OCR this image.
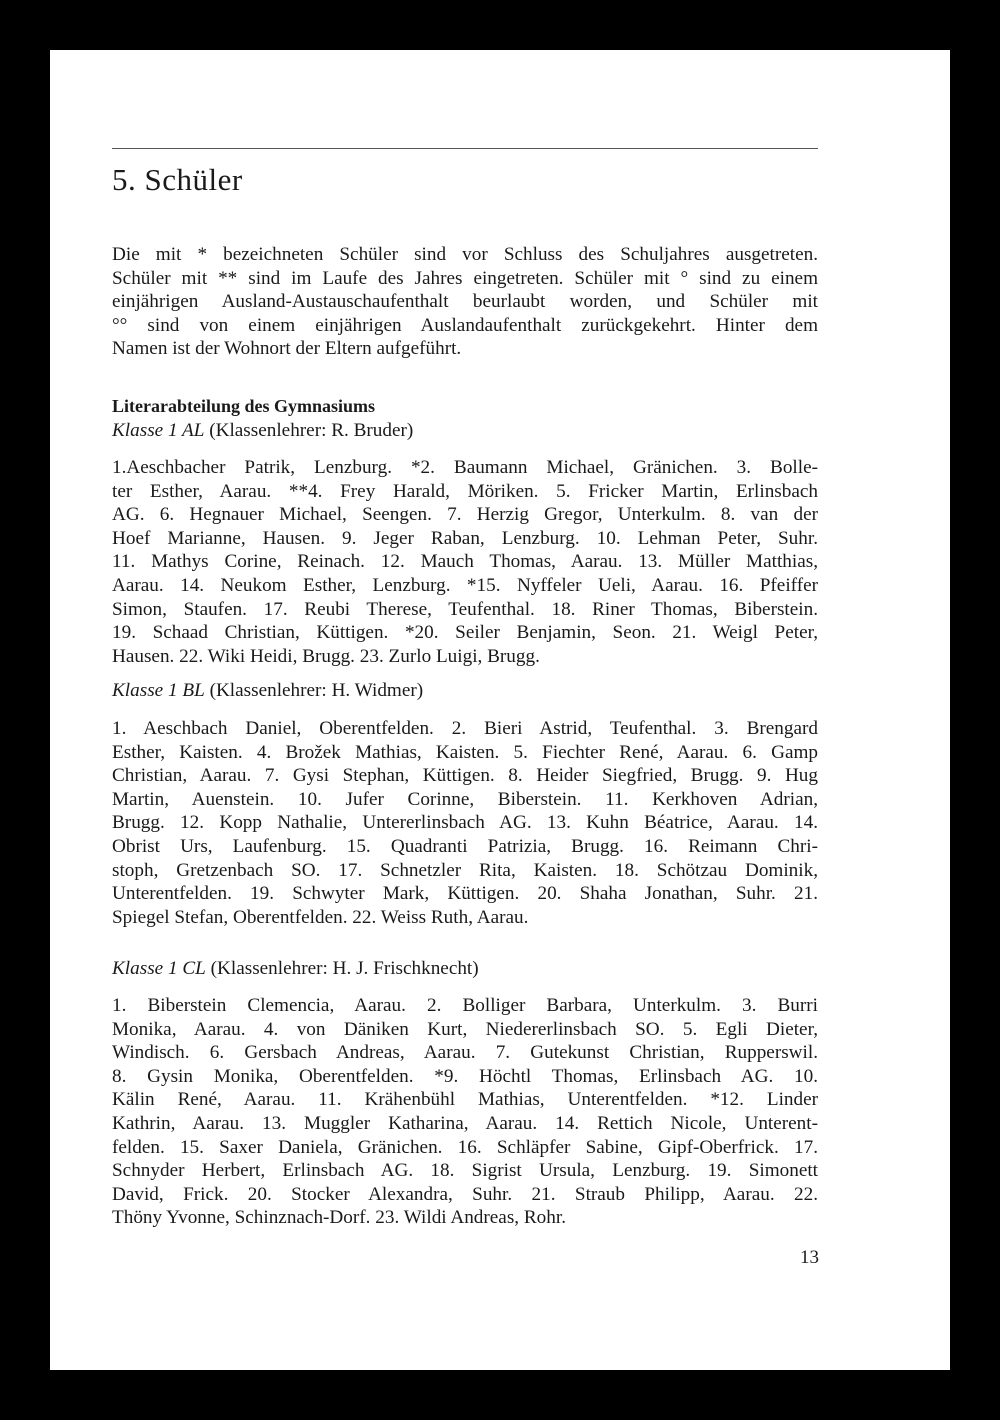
5. Schüler
Die mit * bezeichneten Schüler sind vor Schluss des Schuljahres ausgetreten.
Schüler mit ** sind im Laufe des Jahres eingetreten. Schüler mit ° sind zu einem
einjährigen Ausland-Austauschaufenthalt beurlaubt worden, und Schüler mit
°° sind von einem einjährigen Auslandaufenthalt zurückgekehrt. Hinter dem
Namen ist der Wohnort der Eltern aufgeführt.
Literarabteilung des Gymnasiums
Klasse 1 AL (Klassenlehrer: R. Bruder)
1.Aeschbacher Patrik, Lenzburg. *2. Baumann Michael, Gränichen. 3. Bolle-
ter Esther, Aarau. **4. Frey Harald, Möriken. 5. Fricker Martin, Erlinsbach
AG. 6. Hegnauer Michael, Seengen. 7. Herzig Gregor, Unterkulm. 8. van der
Hoef Marianne, Hausen. 9. Jeger Raban, Lenzburg. 10. Lehman Peter, Suhr.
11. Mathys Corine, Reinach. 12. Mauch Thomas, Aarau. 13. Müller Matthias,
Aarau. 14. Neukom Esther, Lenzburg. *15. Nyffeler Ueli, Aarau. 16. Pfeiffer
Simon, Staufen. 17. Reubi Therese, Teufenthal. 18. Riner Thomas, Biberstein.
19. Schaad Christian, Küttigen. *20. Seiler Benjamin, Seon. 21. Weigl Peter,
Hausen. 22. Wiki Heidi, Brugg. 23. Zurlo Luigi, Brugg.
Klasse 1 BL (Klassenlehrer: H. Widmer)
1. Aeschbach Daniel, Oberentfelden. 2. Bieri Astrid, Teufenthal. 3. Brengard
Esther, Kaisten. 4. Brožek Mathias, Kaisten. 5. Fiechter René, Aarau. 6. Gamp
Christian, Aarau. 7. Gysi Stephan, Küttigen. 8. Heider Siegfried, Brugg. 9. Hug
Martin, Auenstein. 10. Jufer Corinne, Biberstein. 11. Kerkhoven Adrian,
Brugg. 12. Kopp Nathalie, Untererlinsbach AG. 13. Kuhn Béatrice, Aarau. 14.
Obrist Urs, Laufenburg. 15. Quadranti Patrizia, Brugg. 16. Reimann Chri-
stoph, Gretzenbach SO. 17. Schnetzler Rita, Kaisten. 18. Schötzau Dominik,
Unterentfelden. 19. Schwyter Mark, Küttigen. 20. Shaha Jonathan, Suhr. 21.
Spiegel Stefan, Oberentfelden. 22. Weiss Ruth, Aarau.
Klasse 1 CL (Klassenlehrer: H. J. Frischknecht)
1. Biberstein Clemencia, Aarau. 2. Bolliger Barbara, Unterkulm. 3. Burri
Monika, Aarau. 4. von Däniken Kurt, Niedererlinsbach SO. 5. Egli Dieter,
Windisch. 6. Gersbach Andreas, Aarau. 7. Gutekunst Christian, Rupperswil.
8. Gysin Monika, Oberentfelden. *9. Höchtl Thomas, Erlinsbach AG. 10.
Kälin René, Aarau. 11. Krähenbühl Mathias, Unterentfelden. *12. Linder
Kathrin, Aarau. 13. Muggler Katharina, Aarau. 14. Rettich Nicole, Unterent-
felden. 15. Saxer Daniela, Gränichen. 16. Schläpfer Sabine, Gipf-Oberfrick. 17.
Schnyder Herbert, Erlinsbach AG. 18. Sigrist Ursula, Lenzburg. 19. Simonett
David, Frick. 20. Stocker Alexandra, Suhr. 21. Straub Philipp, Aarau. 22.
Thöny Yvonne, Schinznach-Dorf. 23. Wildi Andreas, Rohr.
13
